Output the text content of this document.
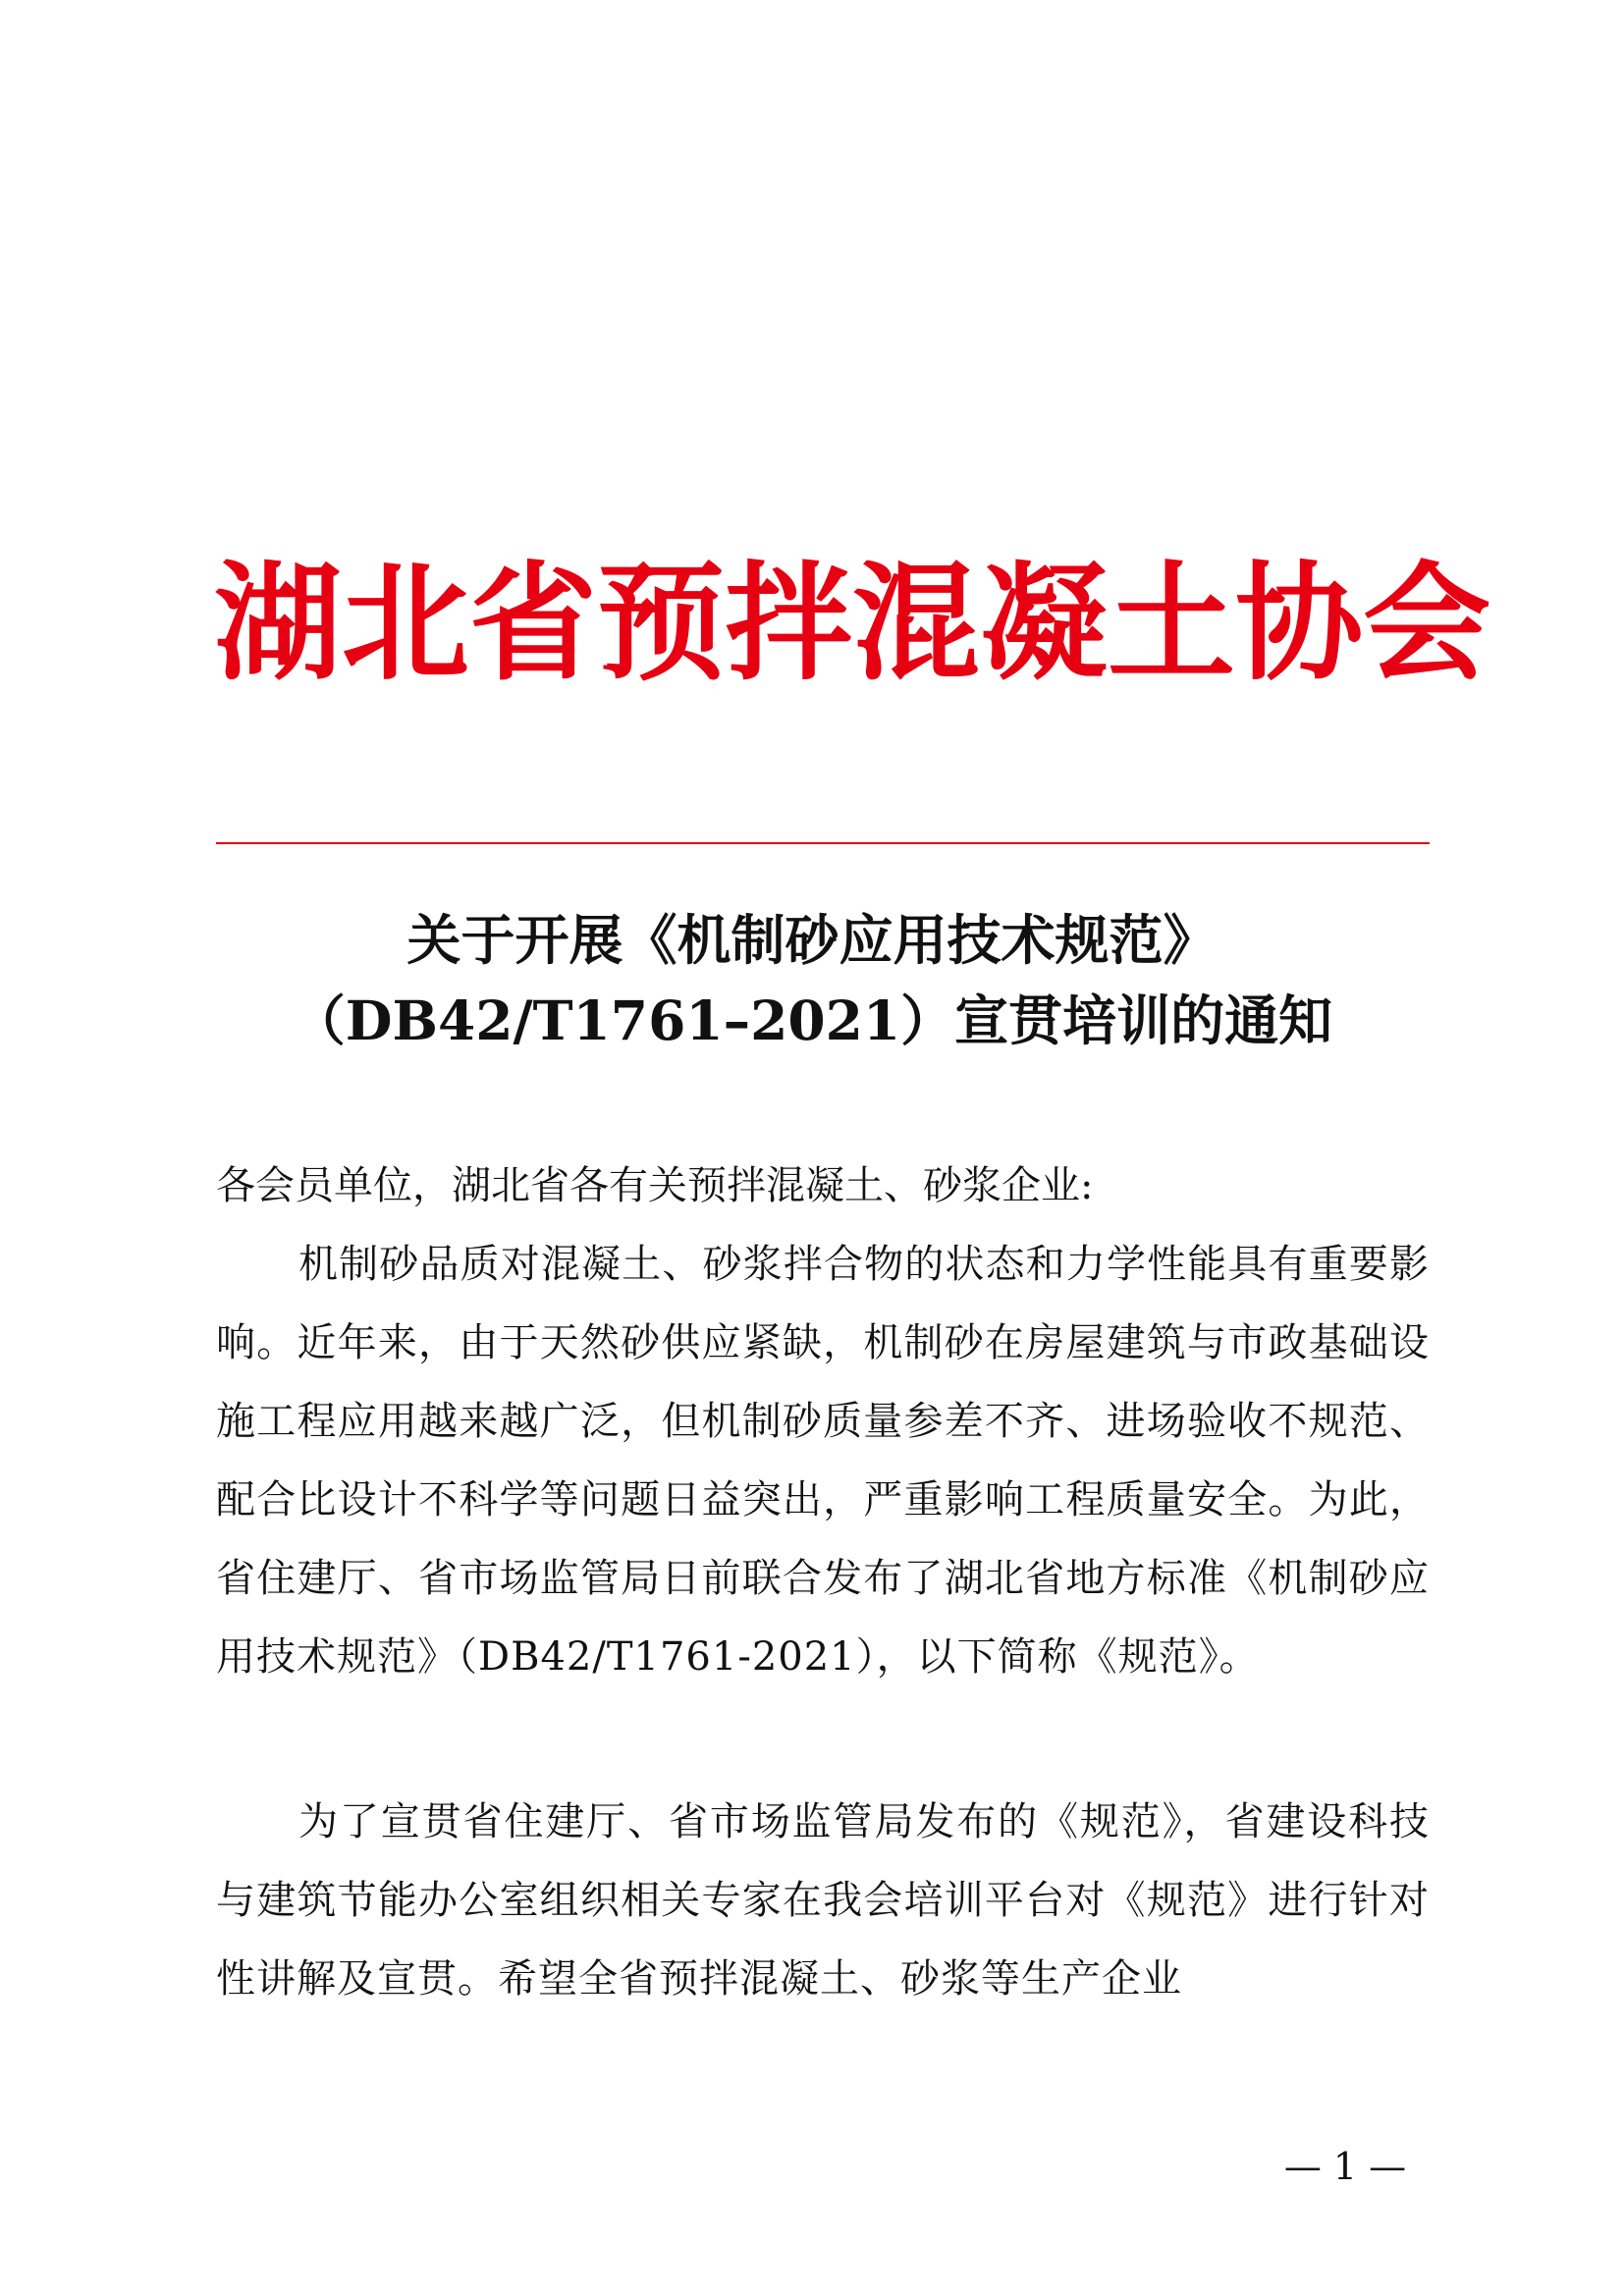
湖 北 省 预 拌 混 凝 土 协 会
关于开展《机制砂应用技术规范》
（DB42/T1761–2021）宣贯培训的通知

各会员单位，湖北省各有关预拌混凝土、砂浆企业:

机制砂品质对混凝土、砂浆拌合物的状态和力学性能具有重要影响。近年来，由于天然砂供应紧缺，机制砂在房屋建筑与市政基础设施工程应用越来越广泛，但机制砂质量参差不齐、进场验收不规范、配合比设计不科学等问题日益突出，严重影响工程质量安全。为此，省住建厅、省市场监管局日前联合发布了湖北省地方标准《机制砂应用技术规范》（DB42/T1761-2021），以下简称《规范》。

为了宣贯省住建厅、省市场监管局发布的《规范》，省建设科技与建筑节能办公室组织相关专家在我会培训平台对《规范》进行针对性讲解及宣贯。希望全省预拌混凝土、砂浆等生产企业

— 1 —
